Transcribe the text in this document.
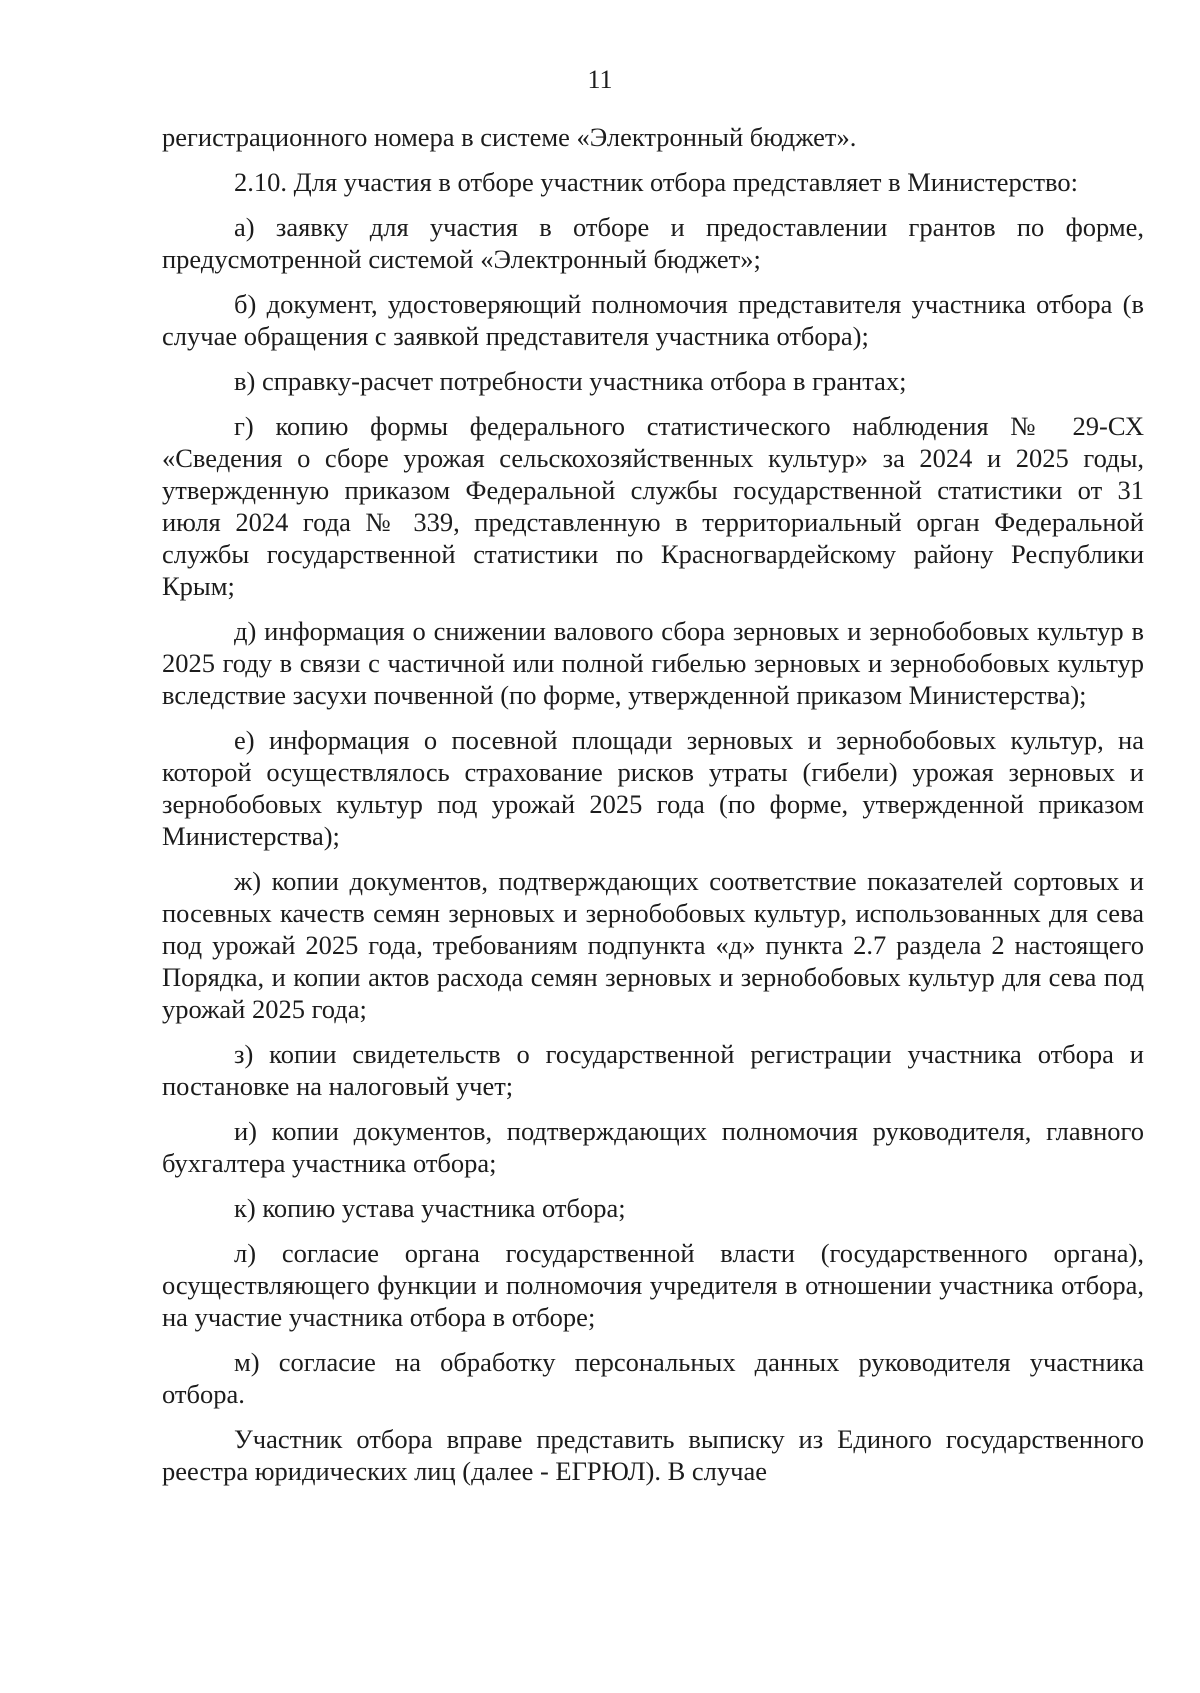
11

регистрационного номера в системе «Электронный бюджет».

2.10. Для участия в отборе участник отбора представляет в Министерство:

а) заявку для участия в отборе и предоставлении грантов по форме, предусмотренной системой «Электронный бюджет»;

б) документ, удостоверяющий полномочия представителя участника отбора (в случае обращения с заявкой представителя участника отбора);

в) справку-расчет потребности участника отбора в грантах;

г) копию формы федерального статистического наблюдения № 29-СХ «Сведения о сборе урожая сельскохозяйственных культур» за 2024 и 2025 годы, утвержденную приказом Федеральной службы государственной статистики от 31 июля 2024 года № 339, представленную в территориальный орган Федеральной службы государственной статистики по Красногвардейскому району Республики Крым;

д) информация о снижении валового сбора зерновых и зернобобовых культур в 2025 году в связи с частичной или полной гибелью зерновых и зернобобовых культур вследствие засухи почвенной (по форме, утвержденной приказом Министерства);

е) информация о посевной площади зерновых и зернобобовых культур, на которой осуществлялось страхование рисков утраты (гибели) урожая зерновых и зернобобовых культур под урожай 2025 года (по форме, утвержденной приказом Министерства);

ж) копии документов, подтверждающих соответствие показателей сортовых и посевных качеств семян зерновых и зернобобовых культур, использованных для сева под урожай 2025 года, требованиям подпункта «д» пункта 2.7 раздела 2 настоящего Порядка, и копии актов расхода семян зерновых и зернобобовых культур для сева под урожай 2025 года;

з) копии свидетельств о государственной регистрации участника отбора и постановке на налоговый учет;

и) копии документов, подтверждающих полномочия руководителя, главного бухгалтера участника отбора;

к) копию устава участника отбора;

л) согласие органа государственной власти (государственного органа), осуществляющего функции и полномочия учредителя в отношении участника отбора, на участие участника отбора в отборе;

м) согласие на обработку персональных данных руководителя участника отбора.

Участник отбора вправе представить выписку из Единого государственного реестра юридических лиц (далее - ЕГРЮЛ). В случае
